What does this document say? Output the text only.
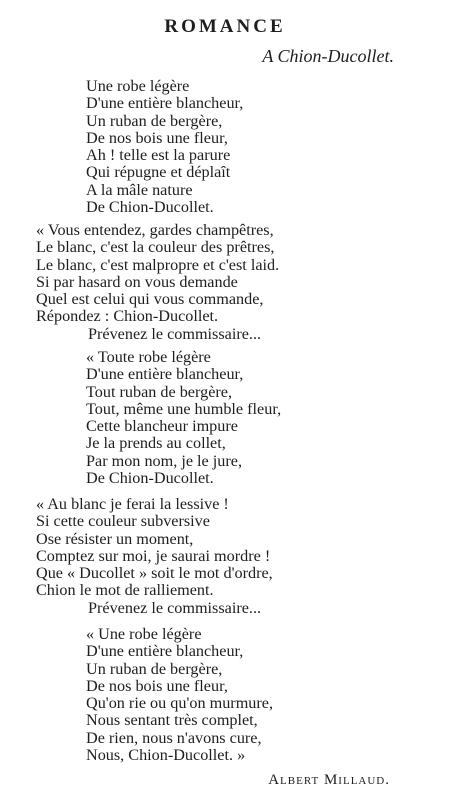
ROMANCE
A Chion-Ducollet.
Une robe légère
D'une entière blancheur,
Un ruban de bergère,
De nos bois une fleur,
Ah ! telle est la parure
Qui répugne et déplaît
A la mâle nature
De Chion-Ducollet.
« Vous entendez, gardes champêtres,
Le blanc, c'est la couleur des prêtres,
Le blanc, c'est malpropre et c'est laid.
Si par hasard on vous demande
Quel est celui qui vous commande,
Répondez : Chion-Ducollet.
Prévenez le commissaire...
« Toute robe légère
D'une entière blancheur,
Tout ruban de bergère,
Tout, même une humble fleur,
Cette blancheur impure
Je la prends au collet,
Par mon nom, je le jure,
De Chion-Ducollet.
« Au blanc je ferai la lessive !
Si cette couleur subversive
Ose résister un moment,
Comptez sur moi, je saurai mordre !
Que « Ducollet » soit le mot d'ordre,
Chion le mot de ralliement.
Prévenez le commissaire...
« Une robe légère
D'une entière blancheur,
Un ruban de bergère,
De nos bois une fleur,
Qu'on rie ou qu'on murmure,
Nous sentant très complet,
De rien, nous n'avons cure,
Nous, Chion-Ducollet. »
Albert Millaud.
